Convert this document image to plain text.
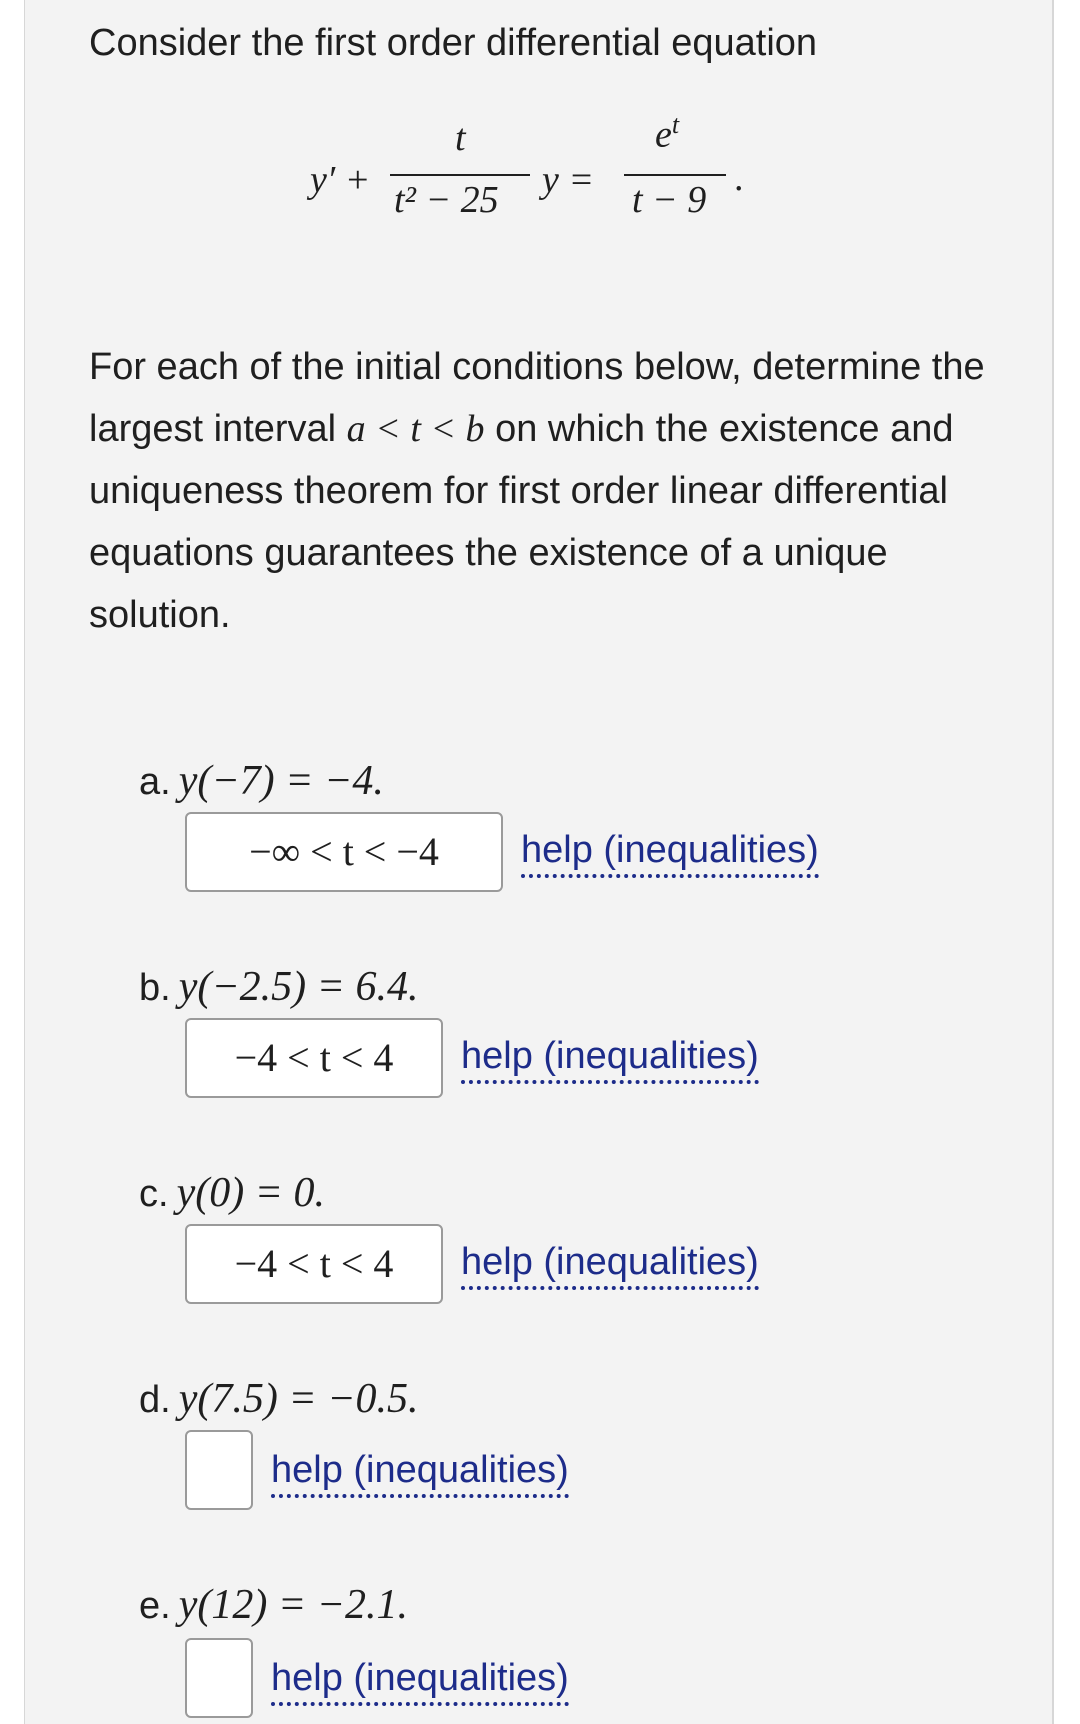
Consider the first order differential equation
y′ +
t
t² − 25 y =
$e^t$
t − 9
.
For each of the initial conditions below, determine the largest interval a < t < b on which the existence and uniqueness theorem for first order linear differential equations guarantees the existence of a unique solution.
a. y(−7) = −4.
−∞ < t < −4	help (inequalities)
b. y(−2.5) = 6.4.
−4 < t < 4	help (inequalities)
c. y(0) = 0.
−4 < t < 4	help (inequalities)
d. y(7.5) = −0.5.
help (inequalities)
e. y(12) = −2.1.
help (inequalities)
